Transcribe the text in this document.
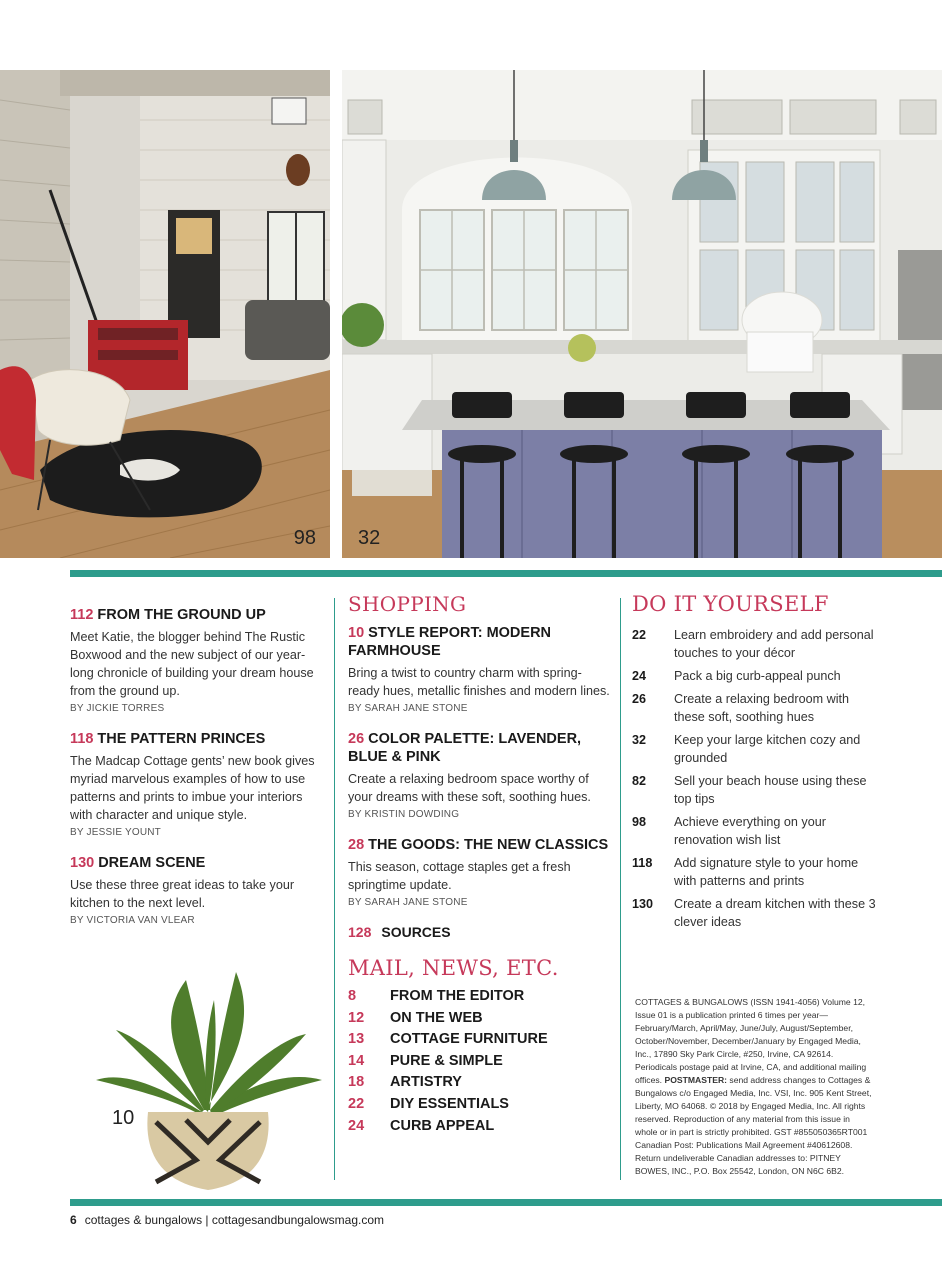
98 32
112 FROM THE GROUND UP

Meet Katie, the blogger behind The Rustic Boxwood and the new subject of our year-long chronicle of building your dream house from the ground up.

BY JICKIE TORRES
118 THE PATTERN PRINCES

The Madcap Cottage gents’ new book gives myriad marvelous examples of how to use patterns and prints to imbue your interiors with character and unique style.

BY JESSIE YOUNT
130 DREAM SCENE

Use these three great ideas to take your kitchen to the next level.

BY VICTORIA VAN VLEAR
10
SHOPPING
10 STYLE REPORT: MODERN FARMHOUSE

Bring a twist to country charm with spring-ready hues, metallic finishes and modern lines.

BY SARAH JANE STONE
26 COLOR PALETTE: LAVENDER, BLUE & PINK

Create a relaxing bedroom space worthy of your dreams with these soft, soothing hues.

BY KRISTIN DOWDING
28 THE GOODS: THE NEW CLASSICS

This season, cottage staples get a fresh springtime update.

BY SARAH JANE STONE
128 SOURCES
MAIL, NEWS, ETC.
8	FROM THE EDITOR
12	ON THE WEB
13	COTTAGE FURNITURE
14	PURE & SIMPLE
18	ARTISTRY
22	DIY ESSENTIALS
24	CURB APPEAL
DO IT YOURSELF
22	Learn embroidery and add personal touches to your décor
24	Pack a big curb-appeal punch
26	Create a relaxing bedroom with these soft, soothing hues
32	Keep your large kitchen cozy and grounded
82	Sell your beach house using these top tips
98	Achieve everything on your renovation wish list
118	Add signature style to your home with patterns and prints
130	Create a dream kitchen with these 3 clever ideas
COTTAGES & BUNGALOWS (ISSN 1941-4056) Volume 12, Issue 01 is a publication printed 6 times per year—February/March, April/May, June/July, August/September, October/November, December/January by Engaged Media, Inc., 17890 Sky Park Circle, #250, Irvine, CA 92614. Periodicals postage paid at Irvine, CA, and additional mailing offices. POSTMASTER: send address changes to Cottages & Bungalows c/o Engaged Media, Inc. VSI, Inc. 905 Kent Street, Liberty, MO 64068. © 2018 by Engaged Media, Inc. All rights reserved. Reproduction of any material from this issue in whole or in part is strictly prohibited. GST #855050365RT001 Canadian Post: Publications Mail Agreement #40612608. Return undeliverable Canadian addresses to: PITNEY BOWES, INC., P.O. Box 25542, London, ON N6C 6B2.
6 cottages & bungalows | cottagesandbungalowsmag.com
